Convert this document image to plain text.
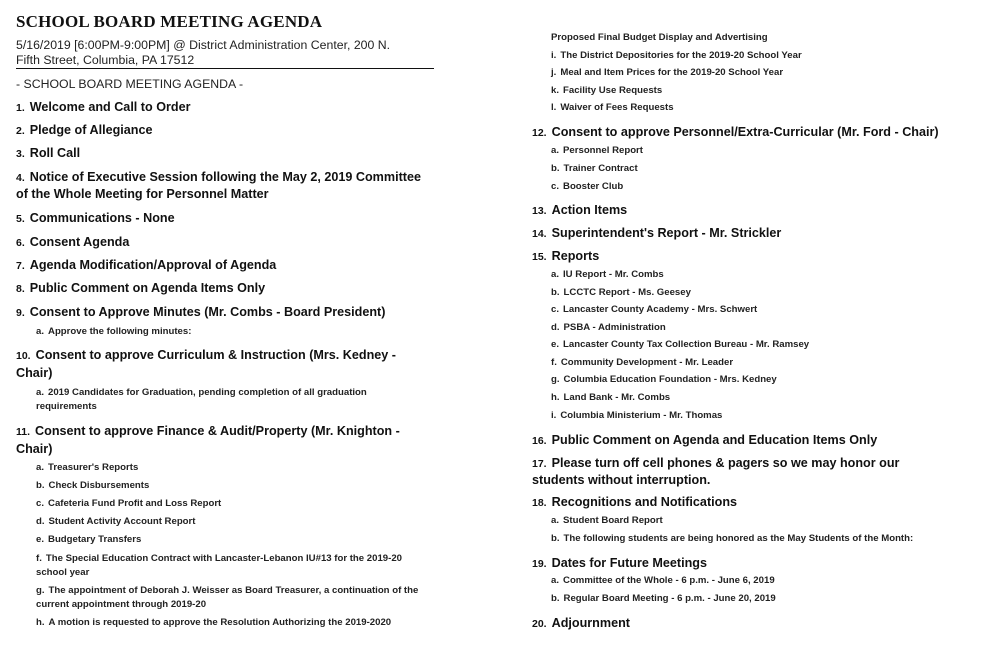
SCHOOL BOARD MEETING AGENDA
5/16/2019 [6:00PM-9:00PM] @ District Administration Center, 200 N.
Fifth Street, Columbia, PA 17512
- SCHOOL BOARD MEETING AGENDA -
1. Welcome and Call to Order
2. Pledge of Allegiance
3. Roll Call
4. Notice of Executive Session following the May 2, 2019 Committee
of the Whole Meeting for Personnel Matter
5. Communications - None
6. Consent Agenda
7. Agenda Modification/Approval of Agenda
8. Public Comment on Agenda Items Only
9. Consent to Approve Minutes (Mr. Combs - Board President)
a. Approve the following minutes:
10. Consent to approve Curriculum & Instruction (Mrs. Kedney -
Chair)
a. 2019 Candidates for Graduation, pending completion of all graduation
requirements
11. Consent to approve Finance & Audit/Property (Mr. Knighton -
Chair)
a. Treasurer's Reports
b. Check Disbursements
c. Cafeteria Fund Profit and Loss Report
d. Student Activity Account Report
e. Budgetary Transfers
f. The Special Education Contract with Lancaster-Lebanon IU#13 for the 2019-20
school year
g. The appointment of Deborah J. Weisser as Board Treasurer, a continuation of the
current appointment through 2019-20
h. A motion is requested to approve the Resolution Authorizing the 2019-2020
Proposed Final Budget Display and Advertising
i. The District Depositories for the 2019-20 School Year
j. Meal and Item Prices for the 2019-20 School Year
k. Facility Use Requests
l. Waiver of Fees Requests
12. Consent to approve Personnel/Extra-Curricular (Mr. Ford - Chair)
a. Personnel Report
b. Trainer Contract
c. Booster Club
13. Action Items
14. Superintendent's Report - Mr. Strickler
15. Reports
a. IU Report - Mr. Combs
b. LCCTC Report - Ms. Geesey
c. Lancaster County Academy - Mrs. Schwert
d. PSBA - Administration
e. Lancaster County Tax Collection Bureau - Mr. Ramsey
f. Community Development - Mr. Leader
g. Columbia Education Foundation - Mrs. Kedney
h. Land Bank - Mr. Combs
i. Columbia Ministerium - Mr. Thomas
16. Public Comment on Agenda and Education Items Only
17. Please turn off cell phones & pagers so we may honor our
students without interruption.
18. Recognitions and Notifications
a. Student Board Report
b. The following students are being honored as the May Students of the Month:
19. Dates for Future Meetings
a. Committee of the Whole - 6 p.m. - June 6, 2019
b. Regular Board Meeting - 6 p.m. - June 20, 2019
20. Adjournment
